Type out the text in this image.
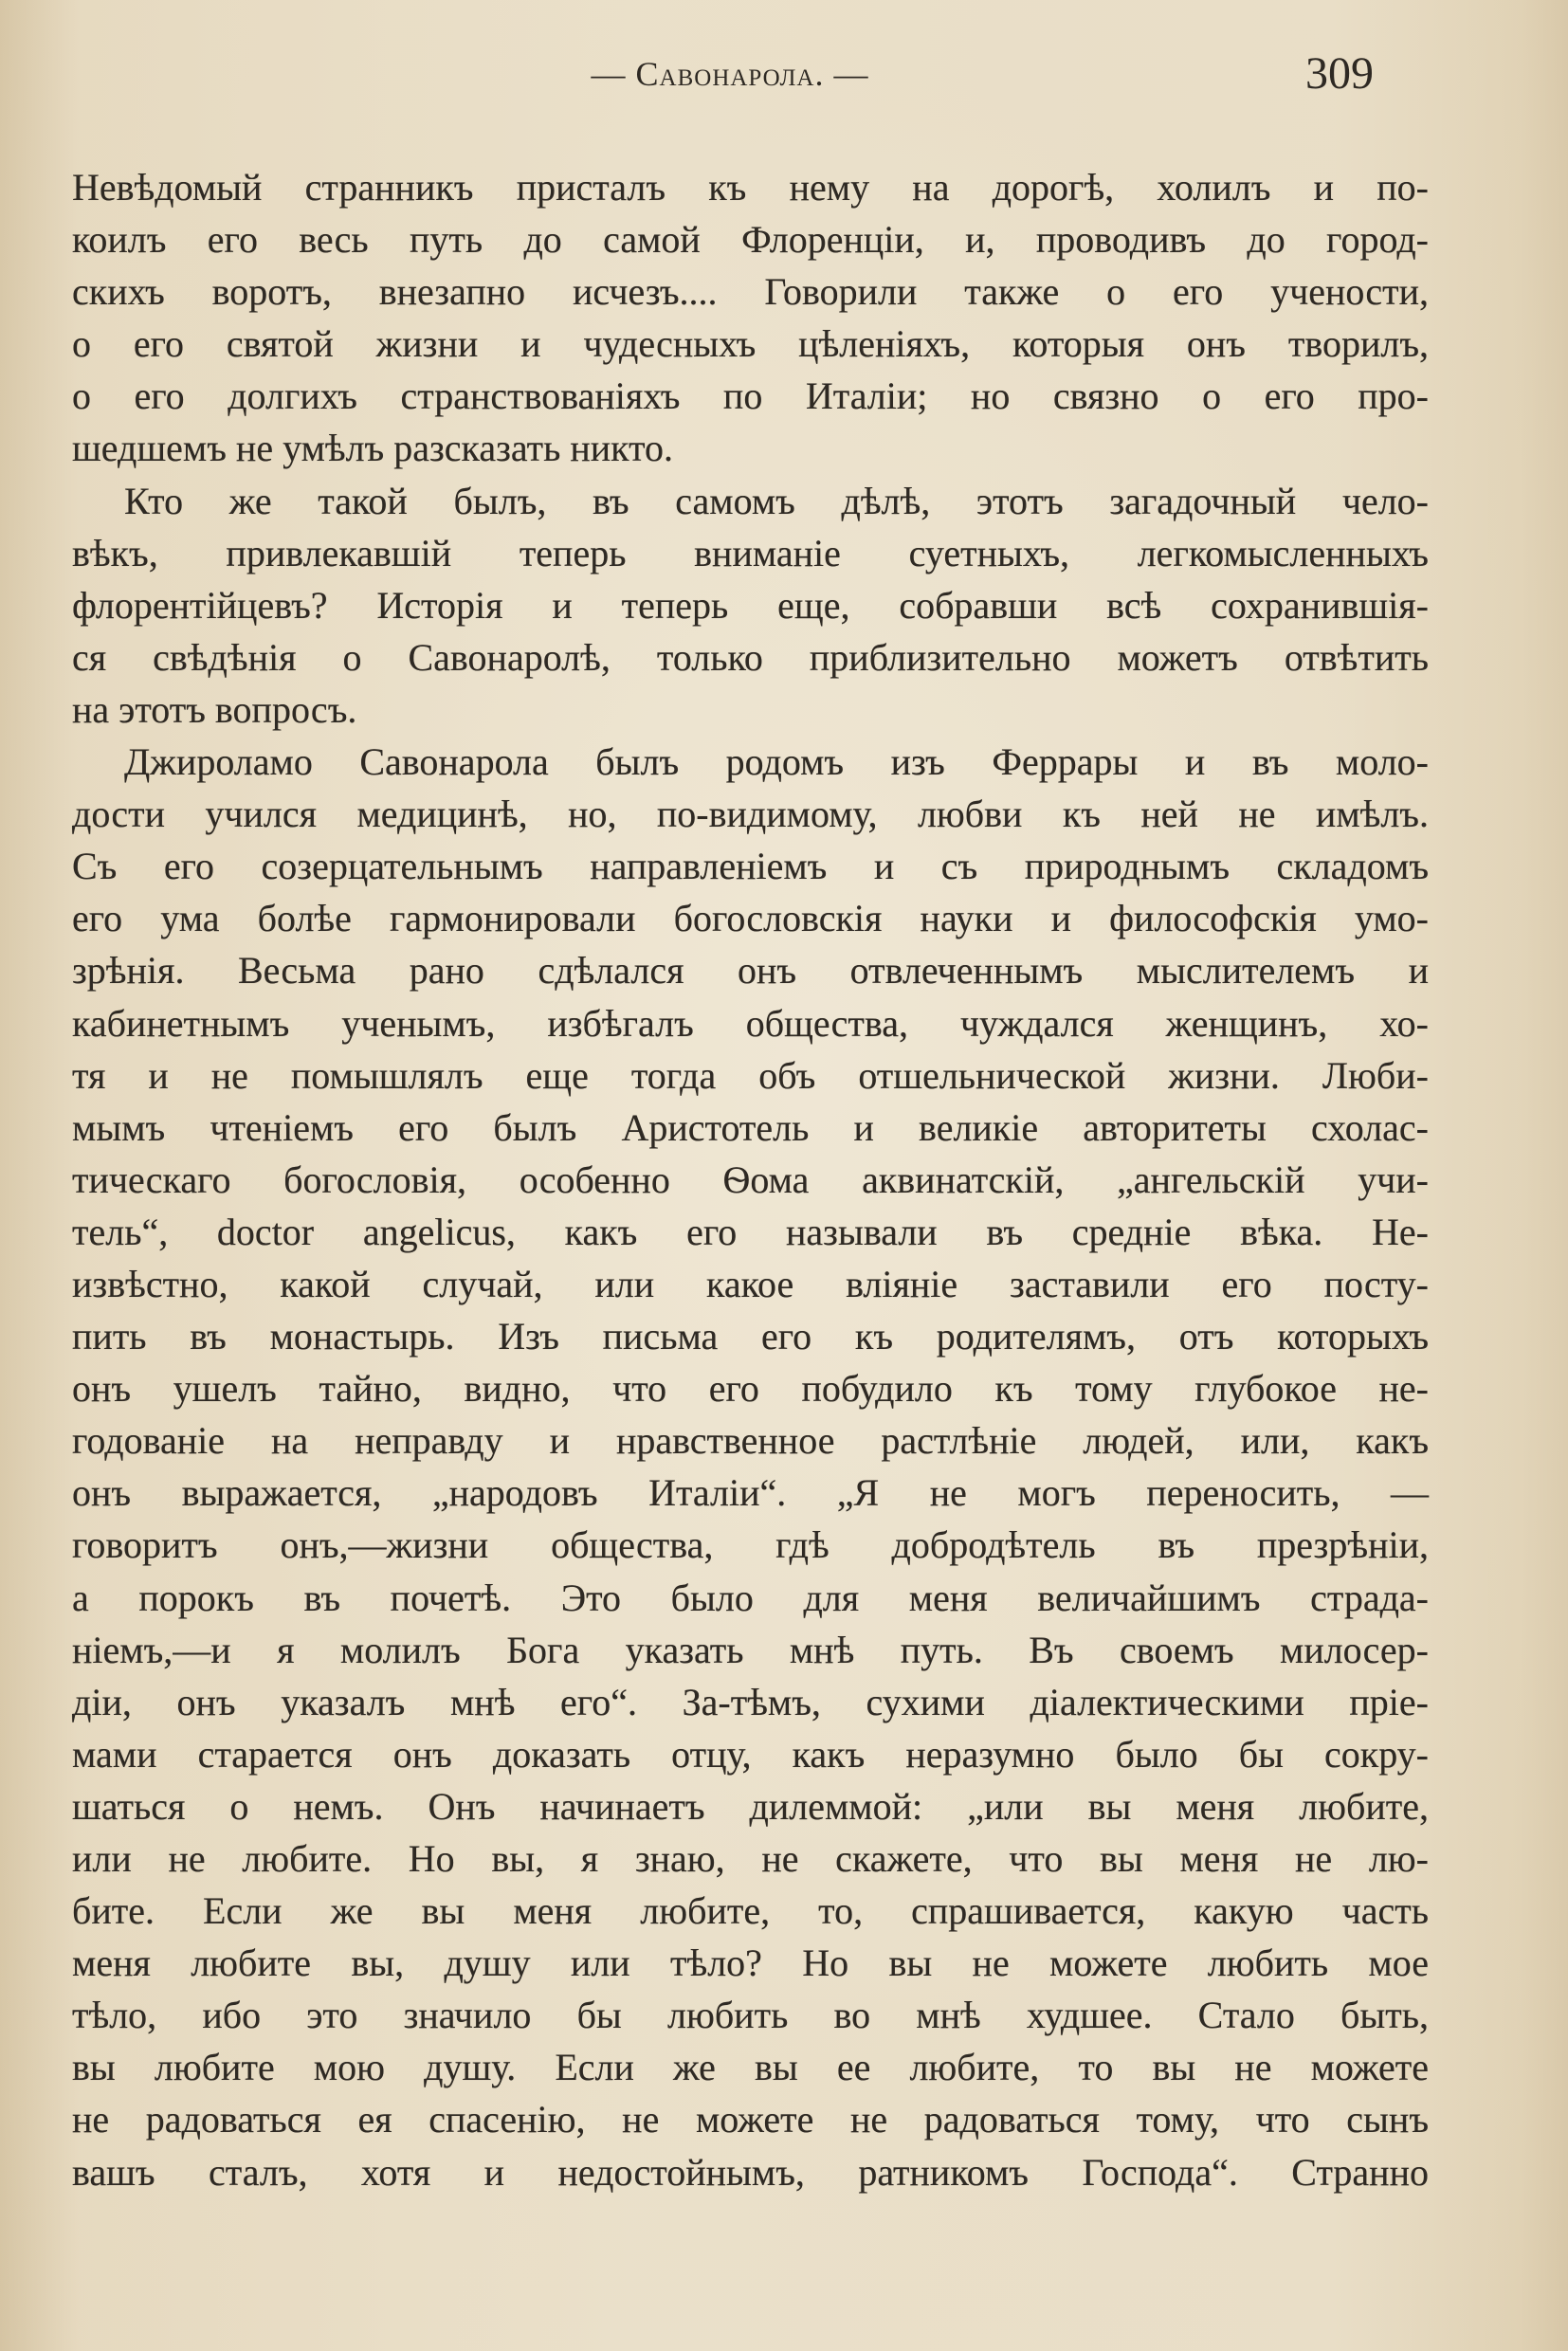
— Савонарола. —	309
Невѣдомый странникъ присталъ къ нему на дорогѣ, холилъ и по-
коилъ его весь путь до самой Флоренціи, и, проводивъ до город-
скихъ воротъ, внезапно исчезъ.... Говорили также о его учености,
о его святой жизни и чудесныхъ цѣленіяхъ, которыя онъ творилъ,
о его долгихъ странствованіяхъ по Италіи; но связно о его про-
шедшемъ не умѣлъ разсказать никто.
Кто же такой былъ, въ самомъ дѣлѣ, этотъ загадочный чело-
вѣкъ, привлекавшій теперь вниманіе суетныхъ, легкомысленныхъ
флорентійцевъ? Исторія и теперь еще, собравши всѣ сохранившія-
ся свѣдѣнія о Савонаролѣ, только приблизительно можетъ отвѣтить
на этотъ вопросъ.
Джироламо Савонарола былъ родомъ изъ Феррары и въ моло-
дости учился медицинѣ, но, по-видимому, любви къ ней не имѣлъ.
Съ его созерцательнымъ направленіемъ и съ природнымъ складомъ
его ума болѣе гармонировали богословскія науки и философскія умо-
зрѣнія. Весьма рано сдѣлался онъ отвлеченнымъ мыслителемъ и
кабинетнымъ ученымъ, избѣгалъ общества, чуждался женщинъ, хо-
тя и не помышлялъ еще тогда объ отшельнической жизни. Люби-
мымъ чтеніемъ его былъ Аристотель и великіе авторитеты схолас-
тическаго богословія, особенно Ѳома аквинатскій, „ангельскій учи-
тель“, doctor angelicus, какъ его называли въ средніе вѣка. Не-
извѣстно, какой случай, или какое вліяніе заставили его посту-
пить въ монастырь. Изъ письма его къ родителямъ, отъ которыхъ
онъ ушелъ тайно, видно, что его побудило къ тому глубокое не-
годованіе на неправду и нравственное растлѣніе людей, или, какъ
онъ выражается, „народовъ Италіи“. „Я не могъ переносить, —
говоритъ онъ,—жизни общества, гдѣ добродѣтель въ презрѣніи,
а порокъ въ почетѣ. Это было для меня величайшимъ страда-
ніемъ,—и я молилъ Бога указать мнѣ путь. Въ своемъ милосер-
діи, онъ указалъ мнѣ его“. За-тѣмъ, сухими діалектическими пріе-
мами старается онъ доказать отцу, какъ неразумно было бы сокру-
шаться о немъ. Онъ начинаетъ дилеммой: „или вы меня любите,
или не любите. Но вы, я знаю, не скажете, что вы меня не лю-
бите. Если же вы меня любите, то, спрашивается, какую часть
меня любите вы, душу или тѣло? Но вы не можете любить мое
тѣло, ибо это значило бы любить во мнѣ худшее. Стало быть,
вы любите мою душу. Если же вы ее любите, то вы не можете
не радоваться ея спасенію, не можете не радоваться тому, что сынъ
вашъ сталъ, хотя и недостойнымъ, ратникомъ Господа“. Странно
